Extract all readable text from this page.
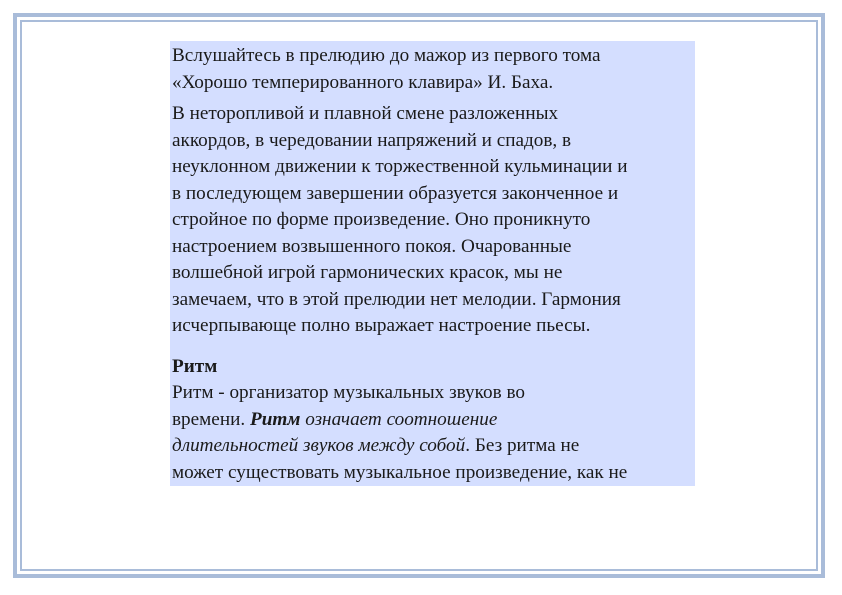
Вслушайтесь в прелюдию до мажор из первого тома
«Хорошо темперированного клавира» И. Баха.

В неторопливой и плавной смене разложенных
аккордов, в чередовании напряжений и спадов, в
неуклонном движении к торжественной кульминации и
в последующем завершении образуется законченное и
стройное по форме произведение. Оно проникнуто
настроением возвышенного покоя. Очарованные
волшебной игрой гармонических красок, мы не
замечаем, что в этой прелюдии нет мелодии. Гармония
исчерпывающе полно выражает настроение пьесы.

Ритм
Ритм - организатор музыкальных звуков во
времени. Ритм означает соотношение
длительностей звуков между собой. Без ритма не
может существовать музыкальное произведение, как не
